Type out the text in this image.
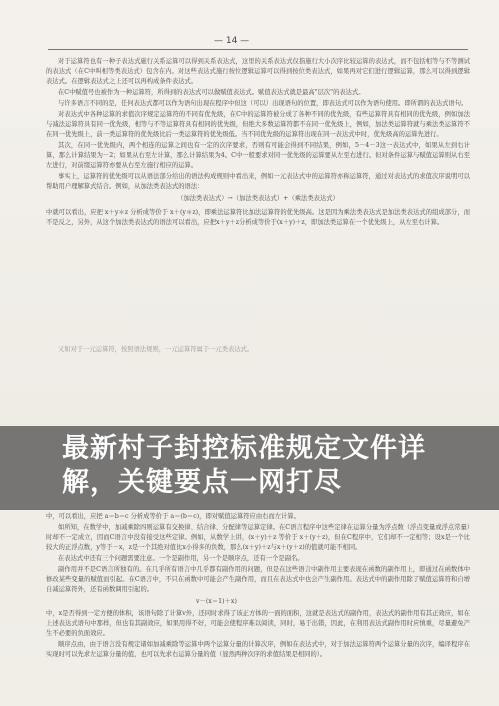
— 14 —

对于运算符也有一种子表达式施行关系运算可以得到关系表达式，这里的关系表达式仅指施行大小次序比较运算的表达式，而不包括相等与不等测试的表达式（在C中叫相等类表达式）包含在内。对这些表达式施行按位逻辑运算可以得到按位类表达式，如果再对它们进行逻辑运算，那么可以得到逻辑表达式。在逻辑表达式之上还可以再构成条件表达式。

在C中赋值号也被作为一种运算符，所得到的表达式可以做赋值表达式。赋值表达式就是最高"层次"的表达式。

与许多语言不同的是，任何表达式都可以作为语句出现在程序中但这（可以）出现语句的位置，即表达式可以作为语句使用。即所谓的表达式语句。

对表达式中各种运算的求值次序规定运算符的不同有优先级，在C中的运算符被分成了各种不同的优先级，有些运算符具有相同的优先级，例如加法与减法运算符具有同一优先级，相等与不等运算符具有相同的优先级，但绝大多数运算符都不在同一优先级上，例如，加法类运算符就与乘法类运算符不在同一优先级上，前一类运算符的优先级比后一类运算符的优先级低。当不同优先级的运算符出现在同一表达式中时，优先级高的运算先进行。

其次，在同一优先级内，两个相连的运算之间也有一定的次序要求，否则有可能会得到不同结果，例如，5－4－3这一表达式中，如果从左到右计算，那么计算结果为－2；如果从右至左计算，那么计算结果为4。C中一般要求对同一优先级的运算要从左至右进行。但对条件运算与赋值运算则从右至左进行，对前缀运算符亦要从右至左施行相应的运算。

事实上，运算符的优先级可以从语法部分给出的语法构成规则中看出来，例如一元表达式中的运算符亦称运算符，通过对表达式的求值次序说明可以帮助用户理解算式结合。例如，从加法类表达式的语法：

（加法类表达式）→（加法类表达式）+（乘法类表达式）

中就可以看出，应把 x＋y＊z 分析成等价于 x＋(y＊z)，即乘法运算符比加法运算符的优先级高。这是因为乘法类表达式是加法类表达式的组成部分，而不是反之，另外，从这个加法类表达式的语法可以看出，应把x＋y＋z分析成等价于(x＋y)＋z，即加法类运算在一个优先级上，从左至右计算。

又如对于一元运算符，按照语法规则，一元运算符属于一元类表达式。

最新村子封控标准规定文件详解，关键要点一网打尽

中，可以看出，应把 a＝b＝c 分析成等价于 a＝(b＝c)，即对赋值运算符应由右而左计算。

如所知，在数学中，加减乘除四则运算有交换律、结合律、分配律等运算定律。在C语言程序中这些定律在运算分量为浮点数（浮点变量或浮点常量）时却不一定成立，因而C语言中没有接受这些定律。例如，从数学上讲，(x＋y)＋z 等价于 x＋(y＋z)，但在C程序中，它们却不一定相等；设x是一个比较大的正浮点数，y等于－x，z是一个其绝对值比x小得多的负数，那么(x＋y)＋z与x＋(y＋z)的值就可能不相同。

在表达式中还有三个问题需要注意。一个是副作用，另一个是顺序点，还有一个是副名。

副作用并不是C语言所独有的。在几乎所有语言中几乎都有副作用的问题，但是在这些语言中副作用主要表现在函数的副作用上，即通过在函数体中修改某些变量的赋值而引起。在C语言中，不只在函数中可能会产生副作用，而且在表达式中也会产生副作用。表达式中的副作用除了赋值运算符和自增自减运算符外，还有函数调用引起的。

v－(x＝1)＋x)

中，x是否得到一定方便的体积，该语句除了计算v外，还同时求得了该正方体的一面的面积，这就是表达式的副作用，表达式的副作用有其正效应，如在上述表达式语句中那样，但也有其副效应，如果用得不好，可能会使程序难以阅读，同时，易于出错，因此，在利用表达式副作用时应慎重，尽量避免产生不必要的负面效应。

顺序点由，由于语言没有规定诸如加减乘除等运算中两个运算分量的计算次序，例如在表达式中，对于加法运算符两个运算分量的次序，编译程序在实现时可以先求左运算分量的值，也可以先求右运算分量的值（显然两种次序的求值结果是相同的）。
